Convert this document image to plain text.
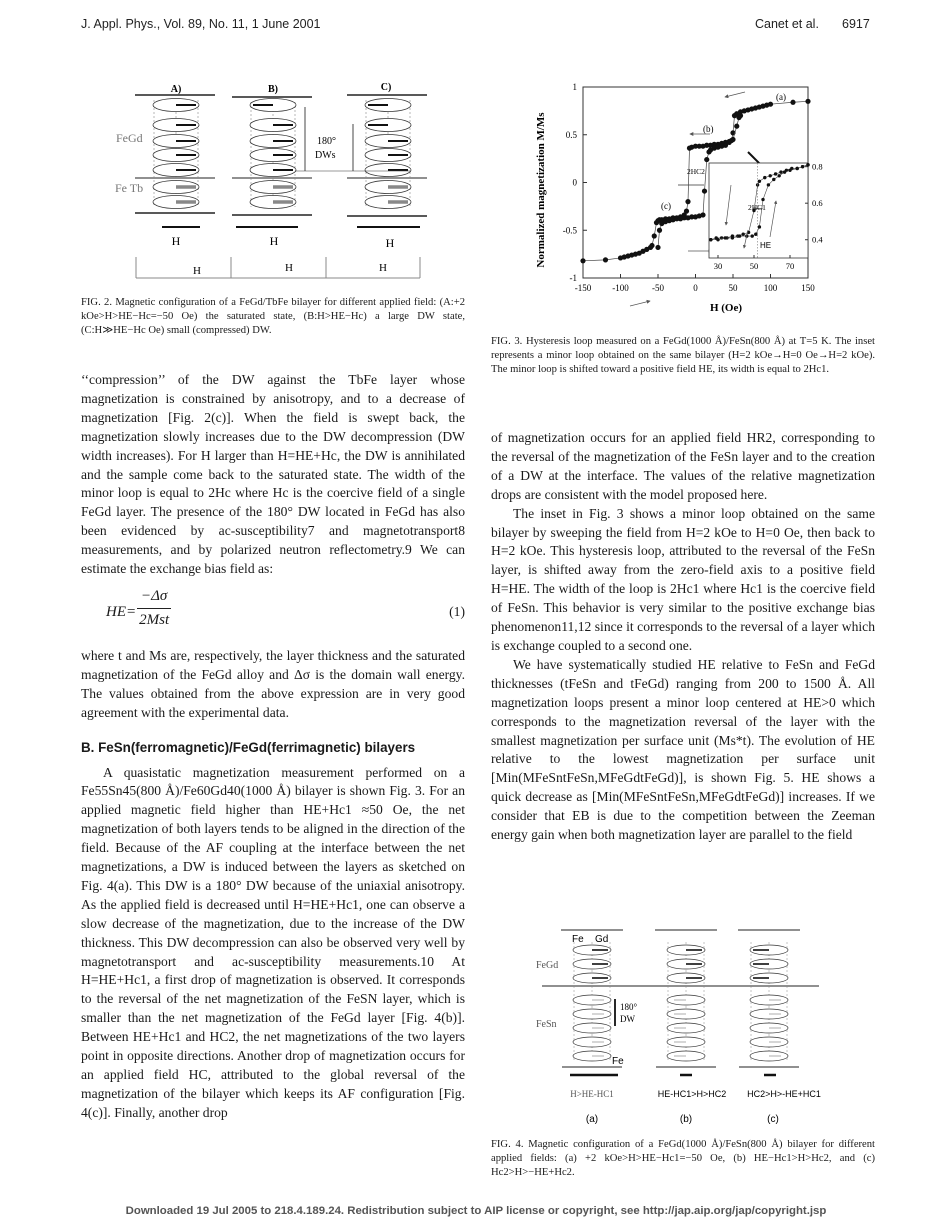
J. Appl. Phys., Vol. 89, No. 11, 1 June 2001	Canet et al. 6917
A)	B)	C)
FeGd
Fe Tb
180°
DWs
H	H	H
H	H	H
FIG. 2. Magnetic configuration of a FeGd/TbFe bilayer for different applied field: (A:+2 kOe>H>HE−Hc=−50 Oe) the saturated state, (B:H>HE−Hc) a large DW state, (C:H≫HE−Hc Oe) small (compressed) DW.
-150 -100	-50	0	50	100	150
-1
-0.5
0
0.5
1
30	50	70
0.4
0.6
0.8
Normalized magnetization M/Ms
H (Oe)
(a)
(b)
(c)
2HC2
2HC1
HE
FIG. 3. Hysteresis loop measured on a FeGd(1000 Å)/FeSn(800 Å) at T=5 K. The inset represents a minor loop obtained on the same bilayer (H=2 kOe→H=0 Oe→H=2 kOe). The minor loop is shifted toward a positive field HE, its width is equal to 2Hc1.

‘‘compression’’ of the DW against the TbFe layer whose magnetization is constrained by anisotropy, and to a decrease of magnetization [Fig. 2(c)]. When the field is swept back, the magnetization slowly increases due to the DW decompression (DW width increases). For H larger than H=HE+Hc, the DW is annihilated and the sample come back to the saturated state. The width of the minor loop is equal to 2Hc where Hc is the coercive field of a single FeGd layer. The presence of the 180° DW located in FeGd has also been evidenced by ac-susceptibility7 and magnetotransport8 measurements, and by polarized neutron reflectometry.9 We can estimate the exchange bias field as:

HE=
−Δσ
2Mst
(1)

where t and Ms are, respectively, the layer thickness and the saturated magnetization of the FeGd alloy and Δσ is the domain wall energy. The values obtained from the above expression are in very good agreement with the experimental data.

B. FeSn(ferromagnetic)/FeGd(ferrimagnetic) bilayers

A quasistatic magnetization measurement performed on a Fe55Sn45(800 Å)/Fe60Gd40(1000 Å) bilayer is shown Fig. 3. For an applied magnetic field higher than HE+Hc1 ≈50 Oe, the net magnetization of both layers tends to be aligned in the direction of the field. Because of the AF coupling at the interface between the net magnetizations, a DW is induced between the layers as sketched on Fig. 4(a). This DW is a 180° DW because of the uniaxial anisotropy. As the applied field is decreased until H=HE+Hc1, one can observe a slow decrease of the magnetization, due to the increase of the DW thickness. This DW decompression can also be observed very well by magnetotransport and ac-susceptibility measurements.10 At H=HE+Hc1, a first drop of magnetization is observed. It corresponds to the reversal of the net magnetization of the FeSN layer, which is smaller than the net magnetization of the FeGd layer [Fig. 4(b)]. Between HE+Hc1 and HC2, the net magnetizations of the two layers point in opposite directions. Another drop of magnetization occurs for an applied field HC, attributed to the global reversal of the magnetization of the bilayer which keeps its AF configuration [Fig. 4(c)]. Finally, another drop

of magnetization occurs for an applied field HR2, corresponding to the reversal of the magnetization of the FeSn layer and to the creation of a DW at the interface. The values of the relative magnetization drops are consistent with the model proposed here.

The inset in Fig. 3 shows a minor loop obtained on the same bilayer by sweeping the field from H=2 kOe to H=0 Oe, then back to H=2 kOe. This hysteresis loop, attributed to the reversal of the FeSn layer, is shifted away from the zero-field axis to a positive field H=HE. The width of the loop is 2Hc1 where Hc1 is the coercive field of FeSn. This behavior is very similar to the positive exchange bias phenomenon11,12 since it corresponds to the reversal of a layer which is exchange coupled to a second one.

We have systematically studied HE relative to FeSn and FeGd thicknesses (tFeSn and tFeGd) ranging from 200 to 1500 Å. All magnetization loops present a minor loop centered at HE>0 which corresponds to the magnetization reversal of the layer with the smallest magnetization per surface unit (Ms*t). The evolution of HE relative to the lowest magnetization per surface unit [Min(MFeSntFeSn,MFeGdtFeGd)], is shown Fig. 5. HE shows a quick decrease as [Min(MFeSntFeSn,MFeGdtFeGd)] increases. If we consider that EB is due to the competition between the Zeeman energy gain when both magnetization layer are parallel to the field

Fe Gd
FeGd
FeSn
180°
DW
Fe
H>HE-HC1	HE-HC1>H>HC2 HC2>H>-HE+HC1
(a)	(b)	(c)
FIG. 4. Magnetic configuration of a FeGd(1000 Å)/FeSn(800 Å) bilayer for different applied fields: (a) +2 kOe>H>HE−Hc1=−50 Oe, (b) HE−Hc1>H>Hc2, and (c) Hc2>H>−HE+Hc2.
Downloaded 19 Jul 2005 to 218.4.189.24. Redistribution subject to AIP license or copyright, see http://jap.aip.org/jap/copyright.jsp
